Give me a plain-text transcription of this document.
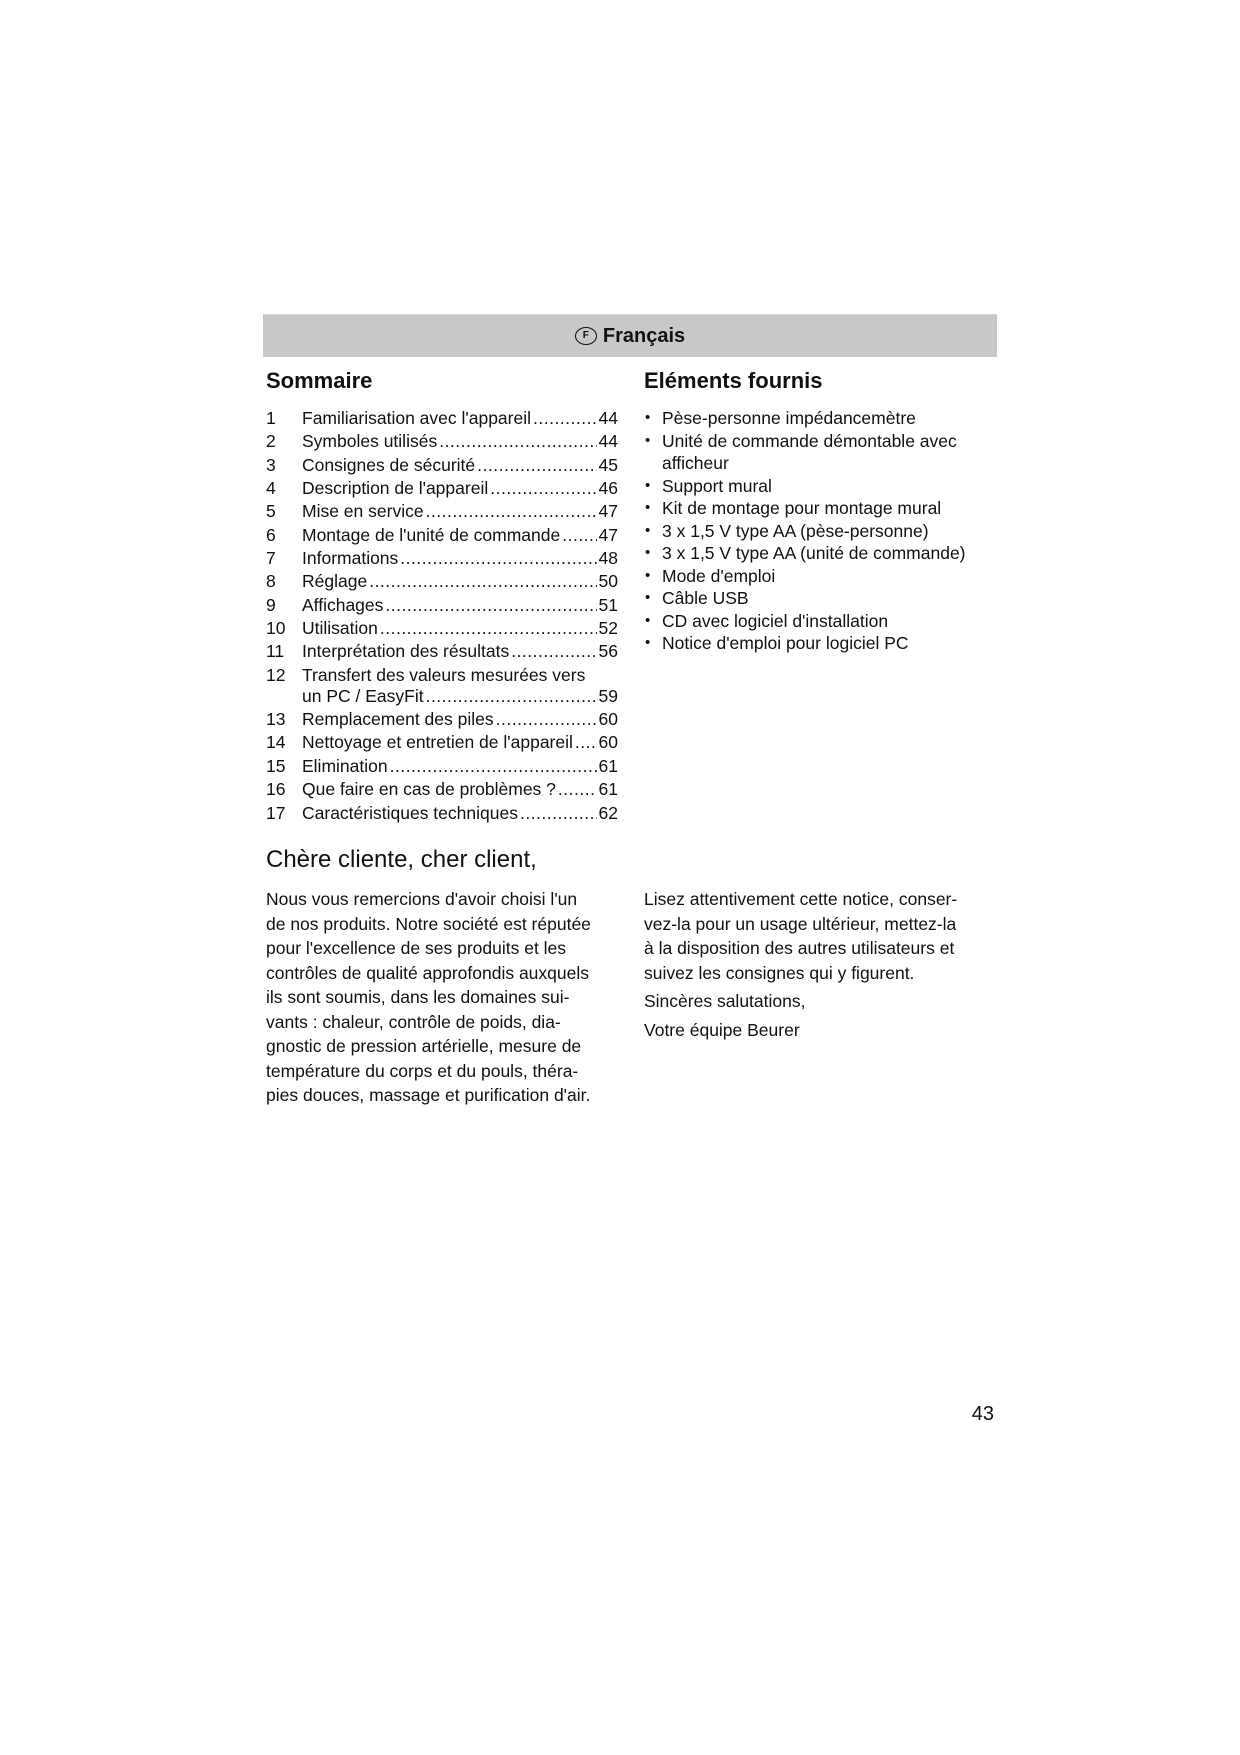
F Français
Sommaire
1	Familiarisation avec l'appareil .....	44
2	Symboles utilisés .....	44
3	Consignes de sécurité .....	45
4	Description de l'appareil .....	46
5	Mise en service .....	47
6	Montage de l'unité de commande ..... 47
7	Informations .....	48
8	Réglage .....	50
9	Affichages .....	51
10 Utilisation .....	52
11	Interprétation des résultats .....	56
12 Transfert des valeurs mesurées vers
un PC / EasyFit .....	59
13 Remplacement des piles .....	60
14 Nettoyage et entretien de l'appareil ..... 60
15 Elimination .....	61
16 Que faire en cas de problèmes ? ..... 61
17 Caractéristiques techniques .....	62
Eléments fournis
• Pèse-personne impédancemètre
• Unité de commande démontable avec
afficheur
• Support mural
• Kit de montage pour montage mural
• 3 x 1,5 V type AA (pèse-personne)
• 3 x 1,5 V type AA (unité de commande)
• Mode d'emploi
• Câble USB
• CD avec logiciel d'installation
• Notice d'emploi pour logiciel PC
Chère cliente, cher client,

Nous vous remercions d'avoir choisi l'un
de nos produits. Notre société est réputée
pour l'excellence de ses produits et les
contrôles de qualité approfondis auxquels
ils sont soumis, dans les domaines sui-
vants : chaleur, contrôle de poids, dia-
gnostic de pression artérielle, mesure de
température du corps et du pouls, théra-
pies douces, massage et purification d'air.

Lisez attentivement cette notice, conser-
vez-la pour un usage ultérieur, mettez-la
à la disposition des autres utilisateurs et
suivez les consignes qui y figurent.

Sincères salutations,

Votre équipe Beurer

43
